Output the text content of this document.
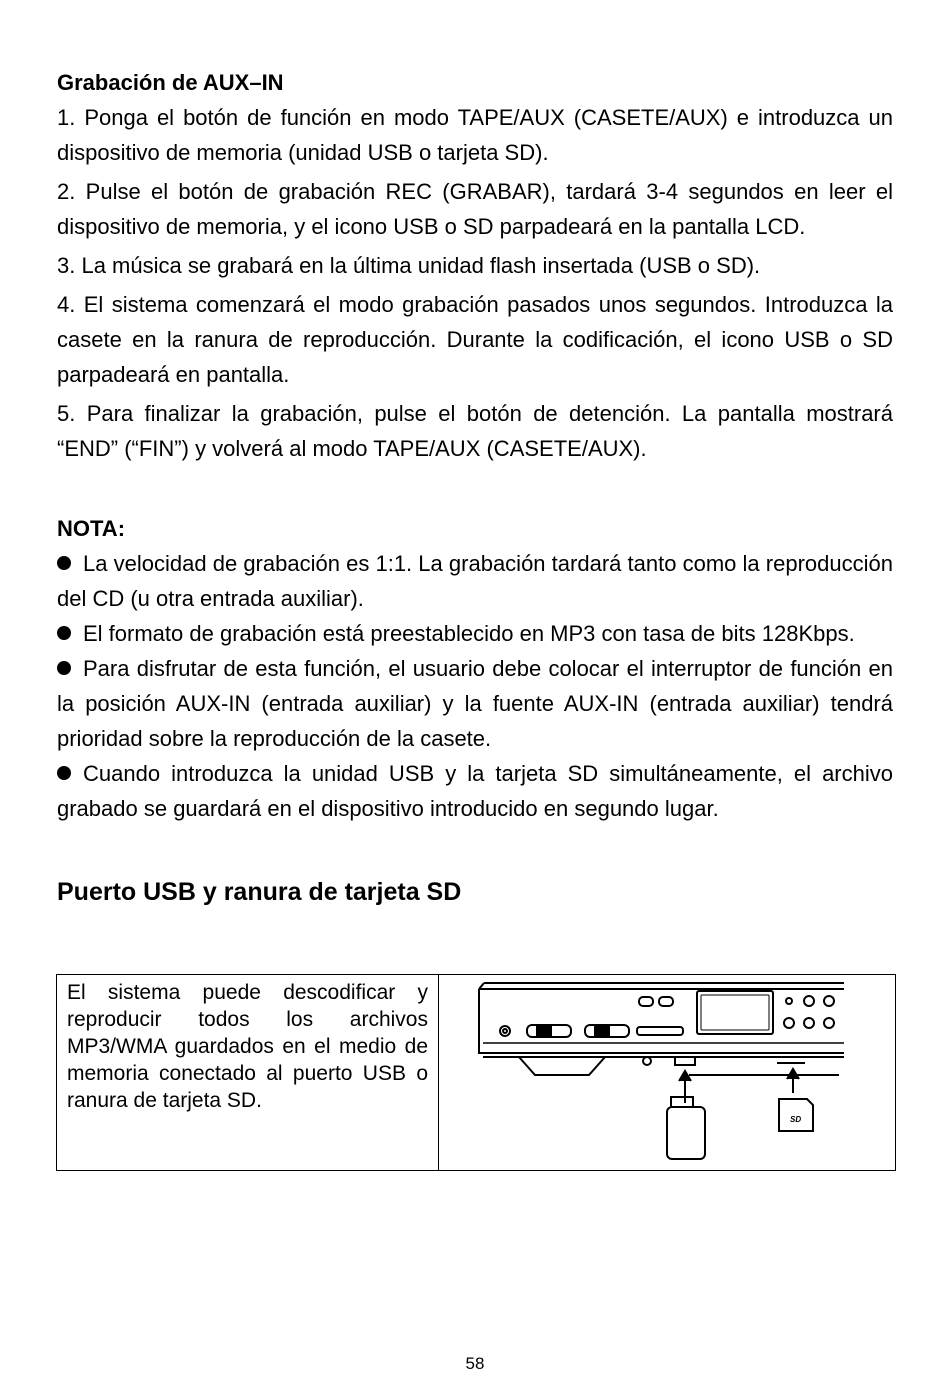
Grabación de AUX–IN

1. Ponga el botón de función en modo TAPE/AUX (CASETE/AUX) e introduzca un dispositivo de memoria (unidad USB o tarjeta SD).

2. Pulse el botón de grabación REC (GRABAR), tardará 3-4 segundos en leer el dispositivo de memoria, y el icono USB o SD parpadeará en la pantalla LCD.

3. La música se grabará en la última unidad flash insertada (USB o SD).

4. El sistema comenzará el modo grabación pasados unos segundos. Introduzca la casete en la ranura de reproducción. Durante la codificación, el icono USB o SD parpadeará en pantalla.

5. Para finalizar la grabación, pulse el botón de detención. La pantalla mostrará “END” (“FIN”) y volverá al modo TAPE/AUX (CASETE/AUX).

NOTA:

La velocidad de grabación es 1:1. La grabación tardará tanto como la reproducción del CD (u otra entrada auxiliar).

El formato de grabación está preestablecido en MP3 con tasa de bits 128Kbps.

Para disfrutar de esta función, el usuario debe colocar el interruptor de función en la posición AUX-IN (entrada auxiliar) y la fuente AUX-IN (entrada auxiliar) tendrá prioridad sobre la reproducción de la casete.

Cuando introduzca la unidad USB y la tarjeta SD simultáneamente, el archivo grabado se guardará en el dispositivo introducido en segundo lugar.

Puerto USB y ranura de tarjeta SD

El sistema puede descodificar y reproducir todos los archivos MP3/WMA guardados en el medio de memoria conectado al puerto USB o ranura de tarjeta SD.

SD
58
